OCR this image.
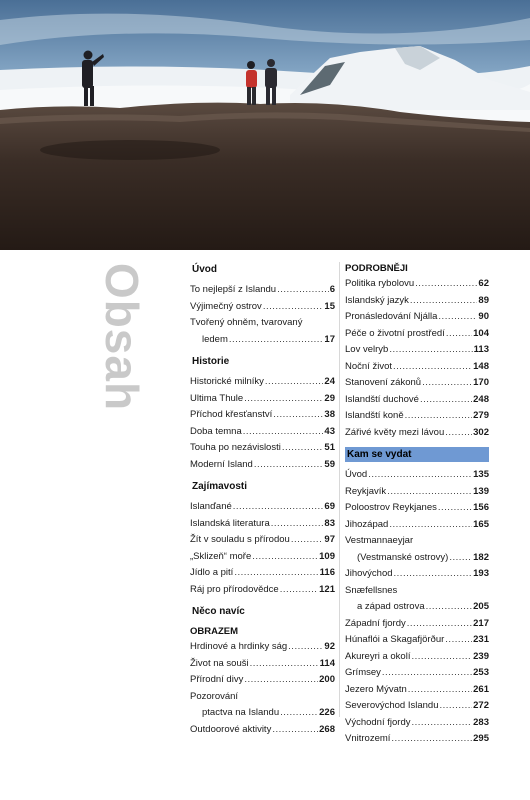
Obsah	Úvod
To nejlepší z Islandu .....	6
Výjimečný ostrov .....	15
Tvořený ohněm, tvarovaný
ledem .....	17
Historie
Historické milníky .....	24
Ultima Thule .....	29
Příchod křesťanství .....	38
Doba temna .....	43
Touha po nezávislosti .....	51
Moderní Island .....	59
Zajímavosti
Islanďané .....	69
Islandská literatura .....	83
Žít v souladu s přírodou .....	97
„Sklizeň“ moře .....	109
Jídlo a pití .....	116
Ráj pro přírodovědce .....	121
Něco navíc
OBRAZEM
Hrdinové a hrdinky ság .....	92
Život na souši .....	114
Přírodní divy .....	200
Pozorování
ptactva na Islandu .....	226
Outdoorové aktivity .....	268
PODROBNĚJI
Politika rybolovu .....	62
Islandský jazyk .....	89
Pronásledování Njálla .....	90
Péče o životní prostředí .....	104
Lov velryb .....	113
Noční život .....	148
Stanovení zákonů .....	170
Islandští duchové .....	248
Islandští koně .....	279
Zářivé květy mezi lávou .....	302
Kam se vydat
Úvod .....	135
Reykjavík .....	139
Poloostrov Reykjanes .....	156
Jihozápad .....	165
Vestmannaeyjar
(Vestmanské ostrovy) .....	182
Jihovýchod .....	193
Snæfellsnes
a západ ostrova .....	205
Západní fjordy .....	217
Húnaflói a Skagafjörður .....	231
Akureyri a okolí .....	239
Grímsey .....	253
Jezero Mývatn .....	261
Severovýchod Islandu .....	272
Východní fjordy .....	283
Vnitrozemí .....	295
